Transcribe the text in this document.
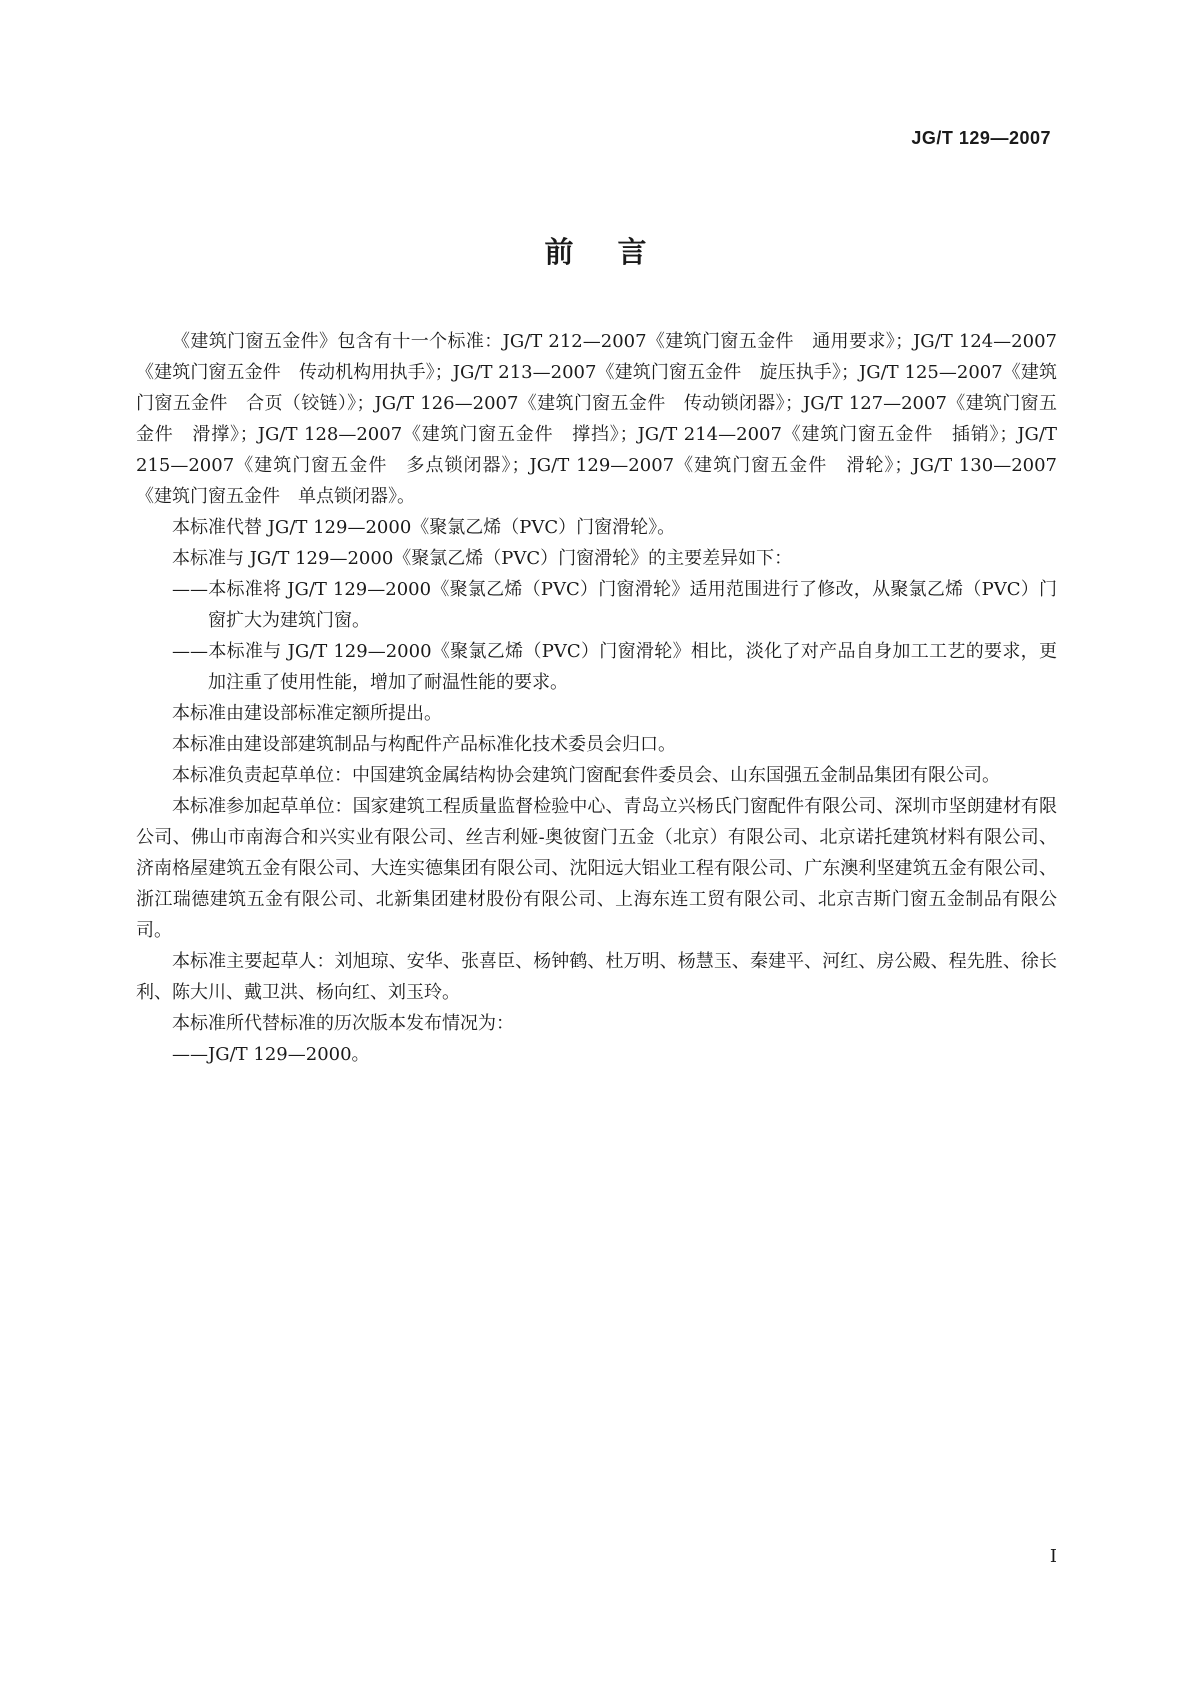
JG/T 129—2007
前言

《建筑门窗五金件》包含有十一个标准：JG/T 212—2007《建筑门窗五金件　通用要求》；JG/T 124—2007《建筑门窗五金件　传动机构用执手》；JG/T 213—2007《建筑门窗五金件　旋压执手》；JG/T 125—2007《建筑门窗五金件　合页（铰链）》；JG/T 126—2007《建筑门窗五金件　传动锁闭器》；JG/T 127—2007《建筑门窗五金件　滑撑》；JG/T 128—2007《建筑门窗五金件　撑挡》；JG/T 214—2007《建筑门窗五金件　插销》；JG/T 215—2007《建筑门窗五金件　多点锁闭器》；JG/T 129—2007《建筑门窗五金件　滑轮》；JG/T 130—2007《建筑门窗五金件　单点锁闭器》。

本标准代替 JG/T 129—2000《聚氯乙烯（PVC）门窗滑轮》。

本标准与 JG/T 129—2000《聚氯乙烯（PVC）门窗滑轮》的主要差异如下：

——本标准将 JG/T 129—2000《聚氯乙烯（PVC）门窗滑轮》适用范围进行了修改，从聚氯乙烯（PVC）门窗扩大为建筑门窗。

——本标准与 JG/T 129—2000《聚氯乙烯（PVC）门窗滑轮》相比，淡化了对产品自身加工工艺的要求，更加注重了使用性能，增加了耐温性能的要求。

本标准由建设部标准定额所提出。

本标准由建设部建筑制品与构配件产品标准化技术委员会归口。

本标准负责起草单位：中国建筑金属结构协会建筑门窗配套件委员会、山东国强五金制品集团有限公司。

本标准参加起草单位：国家建筑工程质量监督检验中心、青岛立兴杨氏门窗配件有限公司、深圳市坚朗建材有限公司、佛山市南海合和兴实业有限公司、丝吉利娅-奥彼窗门五金（北京）有限公司、北京诺托建筑材料有限公司、济南格屋建筑五金有限公司、大连实德集团有限公司、沈阳远大铝业工程有限公司、广东澳利坚建筑五金有限公司、浙江瑞德建筑五金有限公司、北新集团建材股份有限公司、上海东连工贸有限公司、北京吉斯门窗五金制品有限公司。

本标准主要起草人：刘旭琼、安华、张喜臣、杨钟鹤、杜万明、杨慧玉、秦建平、河红、房公殿、程先胜、徐长利、陈大川、戴卫洪、杨向红、刘玉玲。

本标准所代替标准的历次版本发布情况为：

——JG/T 129—2000。

I
